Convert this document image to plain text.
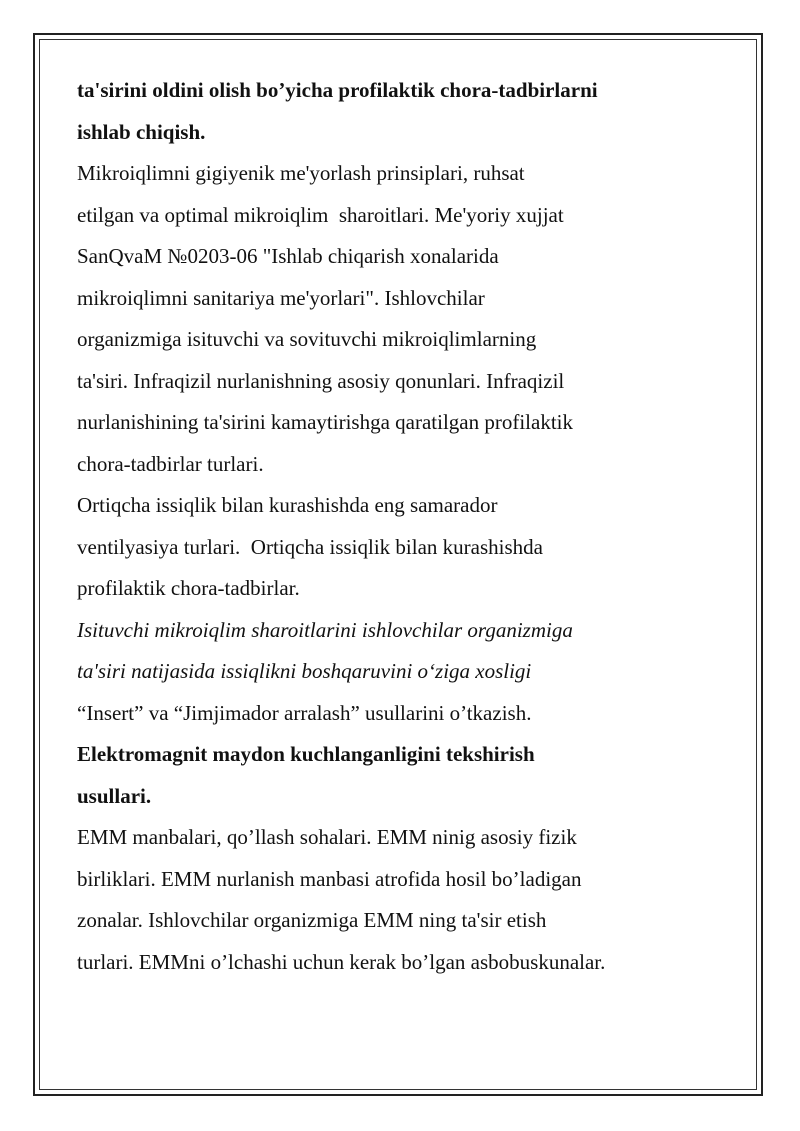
ta'sirini oldini olish bo’yicha profilaktik chora-tadbirlarni
ishlab chiqish.
Mikroiqlimni gigiyenik me'yorlash prinsiplari, ruhsat
etilgan va optimal mikroiqlim  sharoitlari. Me'yoriy xujjat
SanQvaM №0203-06 "Ishlab chiqarish xonalarida
mikroiqlimni sanitariya me'yorlari". Ishlovchilar
organizmiga isituvchi va sovituvchi mikroiqlimlarning
ta'siri. Infraqizil nurlanishning asosiy qonunlari. Infraqizil
nurlanishining ta'sirini kamaytirishga qaratilgan profilaktik
chora-tadbirlar turlari.
Ortiqcha issiqlik bilan kurashishda eng samarador
ventilyasiya turlari.  Ortiqcha issiqlik bilan kurashishda
profilaktik chora-tadbirlar.
Isituvchi mikroiqlim sharoitlarini ishlovchilar organizmiga
ta'siri natijasida issiqlikni boshqaruvini o‘ziga xosligi
“Insert” va “Jimjimador arralash” usullarini o’tkazish.
Elektromagnit maydon kuchlanganligini tekshirish
usullari.
EMM manbalari, qo’llash sohalari. EMM ninig asosiy fizik
birliklari. EMM nurlanish manbasi atrofida hosil bo’ladigan
zonalar. Ishlovchilar organizmiga EMM ning ta'sir etish
turlari. EMMni o’lchashi uchun kerak bo’lgan asbobuskunalar.
